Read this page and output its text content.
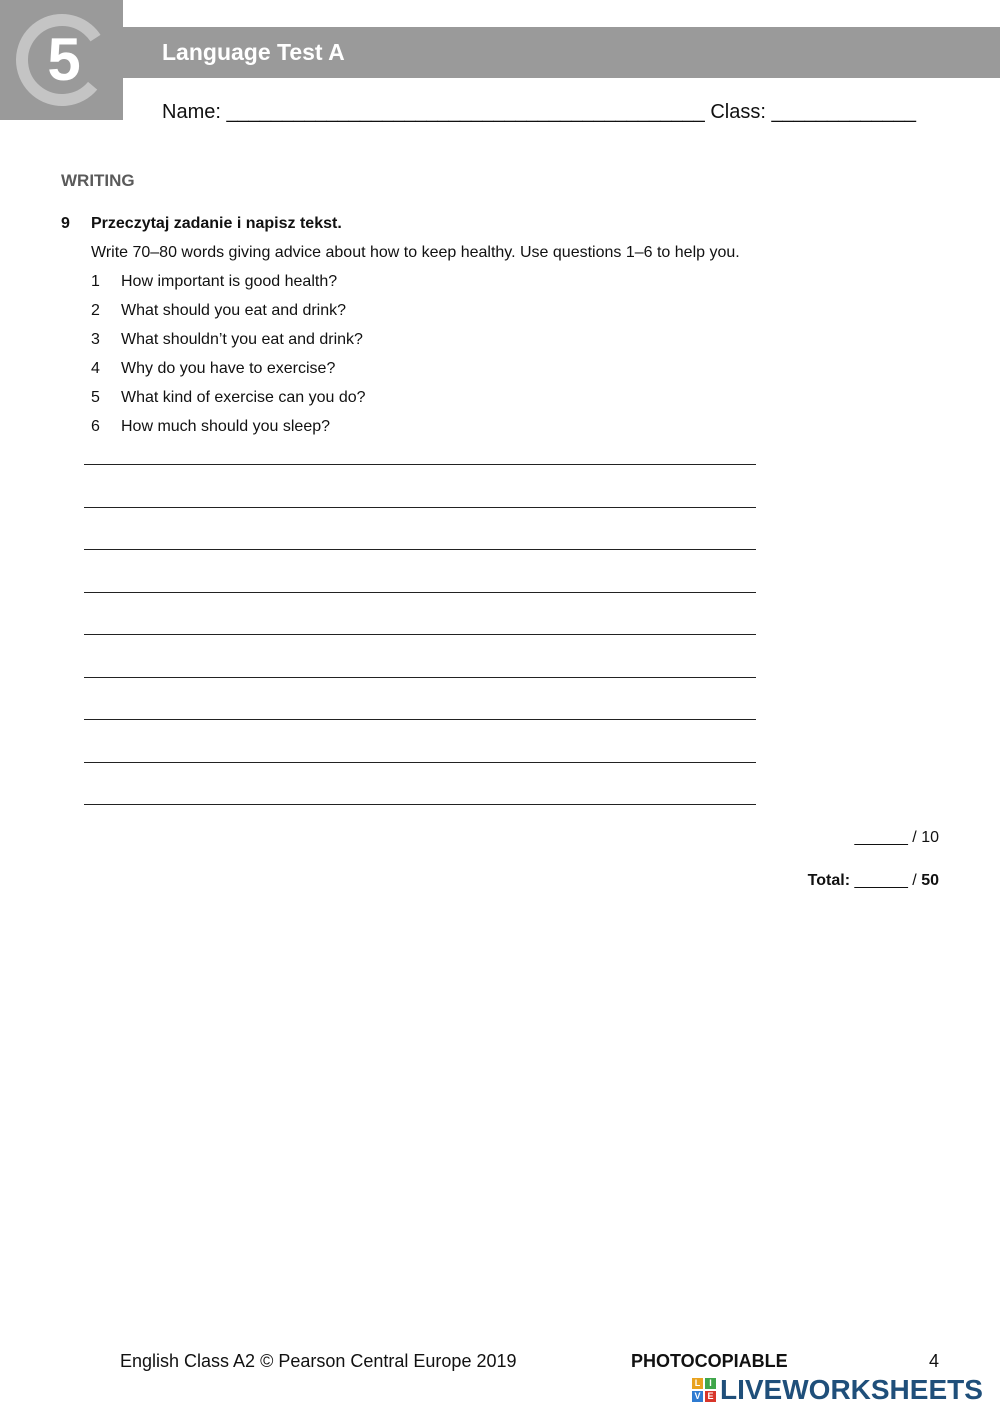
5	Language Test A
Name: ___________________________________________ Class: _____________
WRITING
9 Przeczytaj zadanie i napisz tekst.
Write 70–80 words giving advice about how to keep healthy. Use questions 1–6 to help you.
1	How important is good health?
2	What should you eat and drink?
3	What shouldn’t you eat and drink?
4	Why do you have to exercise?
5	What kind of exercise can you do?
6	How much should you sleep?
______ / 10
Total: ______ / 50
English Class A2 © Pearson Central Europe 2019	PHOTOCOPIABLE	4
L I
V E LIVEWORKSHEETS
